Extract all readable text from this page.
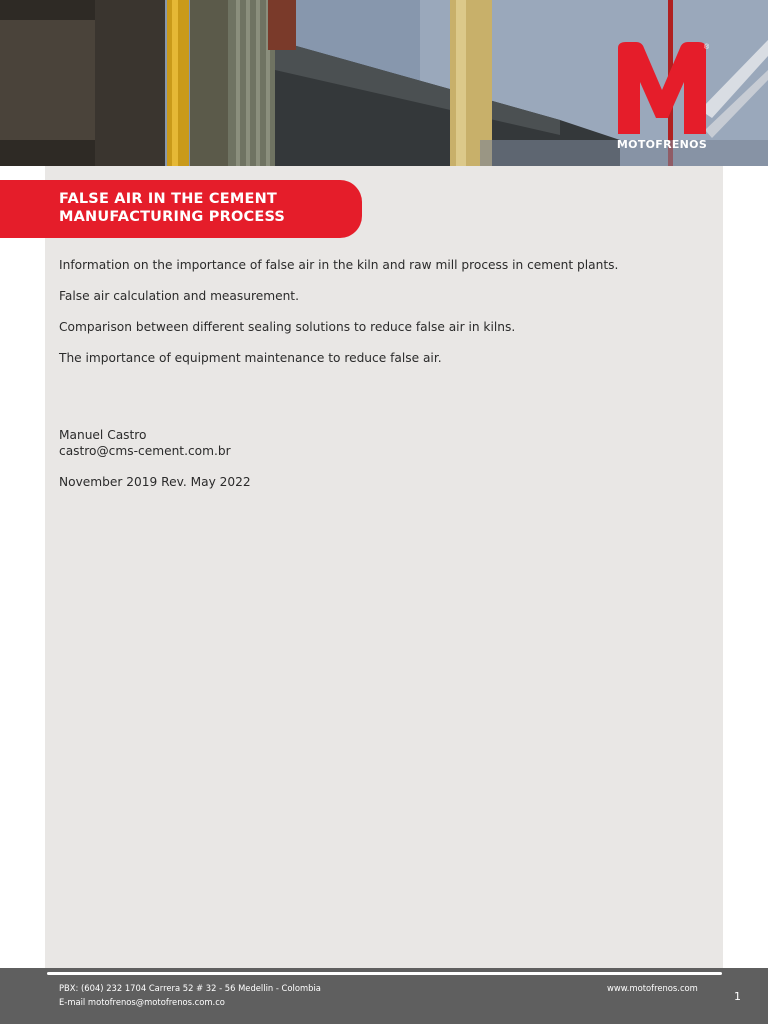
®
MOTOFRENOS
FALSE AIR IN THE CEMENT MANUFACTURING PROCESS

Information on the importance of false air in the kiln and raw mill process in cement plants.

False air calculation and measurement.

Comparison between different sealing solutions to reduce false air in kilns.

The importance of equipment maintenance to reduce false air.

Manuel Castro

castro@cms-cement.com.br

November 2019 Rev. May 2022

PBX: (604) 232 1704 Carrera 52 # 32 - 56 Medellin - Colombia
E-mail motofrenos@motofrenos.com.co
www.motofrenos.com
1
